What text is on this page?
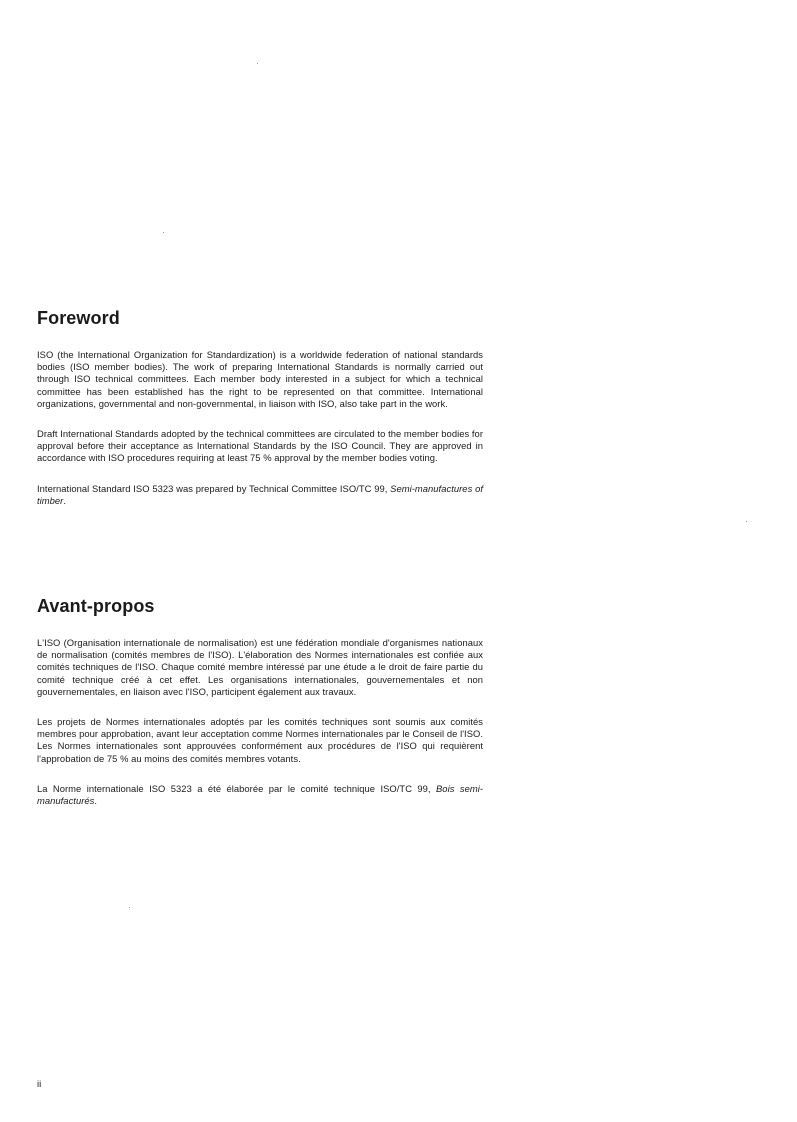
Foreword

ISO (the International Organization for Standardization) is a worldwide federation of national standards bodies (ISO member bodies). The work of preparing International Standards is normally carried out through ISO technical committees. Each member body interested in a subject for which a technical committee has been established has the right to be represented on that committee. International organizations, governmental and non-governmental, in liaison with ISO, also take part in the work.

Draft International Standards adopted by the technical committees are circulated to the member bodies for approval before their acceptance as International Standards by the ISO Council. They are approved in accordance with ISO procedures requiring at least 75 % approval by the member bodies voting.

International Standard ISO 5323 was prepared by Technical Committee ISO/TC 99, Semi-manufactures of timber.

Avant-propos

L'ISO (Organisation internationale de normalisation) est une fédération mondiale d'organismes nationaux de normalisation (comités membres de l'ISO). L'élaboration des Normes internationales est confiée aux comités techniques de l'ISO. Chaque comité membre intéressé par une étude a le droit de faire partie du comité technique créé à cet effet. Les organisations internationales, gouvernementales et non gouvernementales, en liaison avec l'ISO, participent également aux travaux.

Les projets de Normes internationales adoptés par les comités techniques sont soumis aux comités membres pour approbation, avant leur acceptation comme Normes internationales par le Conseil de l'ISO. Les Normes internationales sont approuvées conformément aux procédures de l'ISO qui requièrent l'approbation de 75 % au moins des comités membres votants.

La Norme internationale ISO 5323 a été élaborée par le comité technique ISO/TC 99, Bois semi-manufacturés.

ii
